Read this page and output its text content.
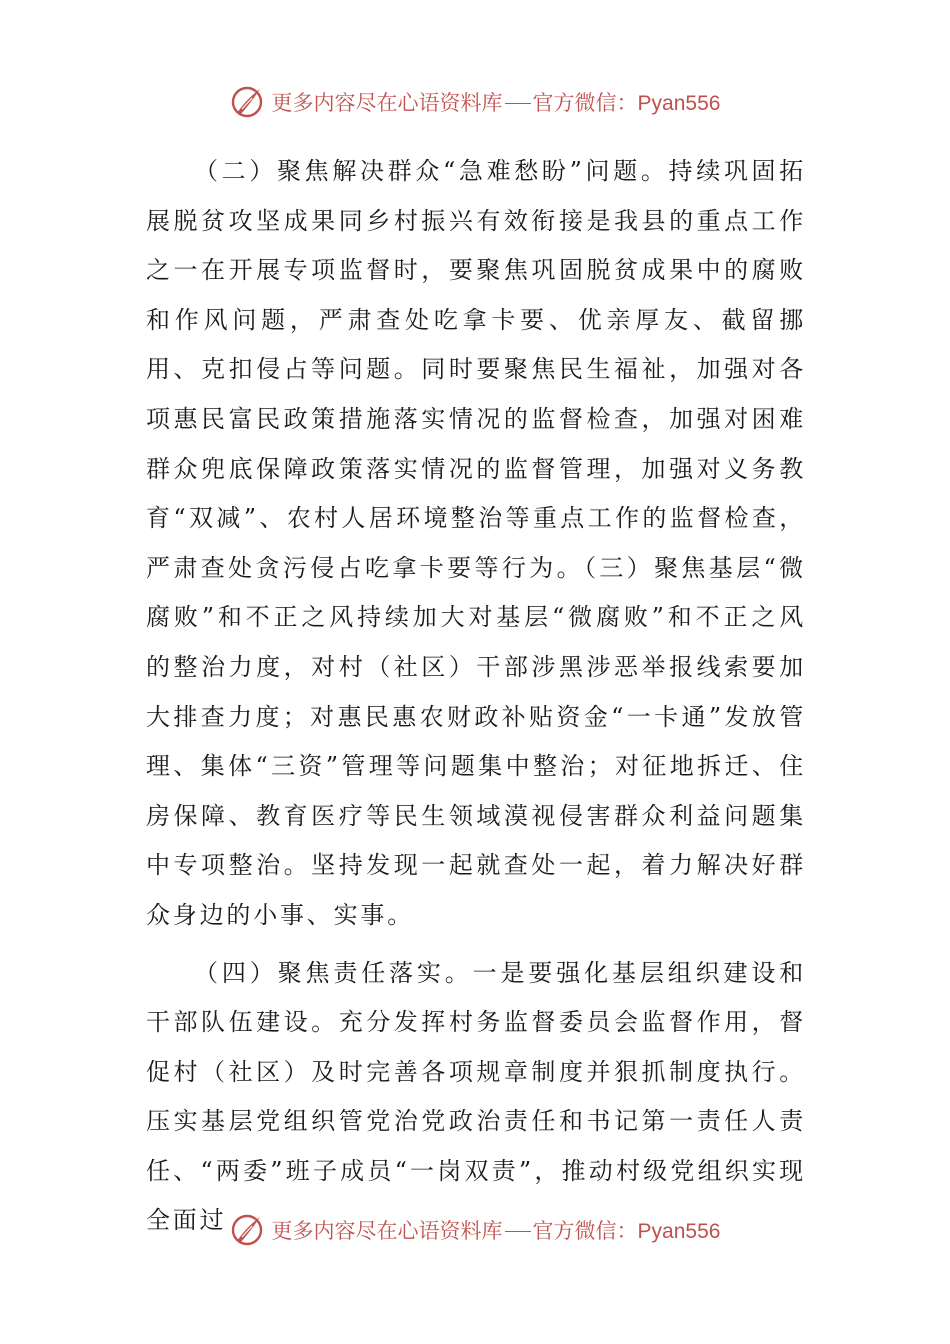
更多内容尽在心语资料库 官方微信： Pyan556

（二）聚焦解决群众“急难愁盼”问题。持续巩固拓展脱贫攻坚成果同乡村振兴有效衔接是我县的重点工作之一在开展专项监督时，要聚焦巩固脱贫成果中的腐败和作风问题，严肃查处吃拿卡要、优亲厚友、截留挪用、克扣侵占等问题。同时要聚焦民生福祉，加强对各项惠民富民政策措施落实情况的监督检查，加强对困难群众兜底保障政策落实情况的监督管理，加强对义务教育“双减”、农村人居环境整治等重点工作的监督检查，严肃查处贪污侵占吃拿卡要等行为。（三）聚焦基层“微腐败”和不正之风持续加大对基层“微腐败”和不正之风的整治力度，对村（社区）干部涉黑涉恶举报线索要加大排查力度；对惠民惠农财政补贴资金“一卡通”发放管理、集体“三资”管理等问题集中整治；对征地拆迁、住房保障、教育医疗等民生领域漠视侵害群众利益问题集中专项整治。坚持发现一起就查处一起，着力解决好群众身边的小事、实事。

（四）聚焦责任落实。一是要强化基层组织建设和干部队伍建设。充分发挥村务监督委员会监督作用，督促村（社区）及时完善各项规章制度并狠抓制度执行。压实基层党组织管党治党政治责任和书记第一责任人责任、“两委”班子成员“一岗双责”，推动村级党组织实现全面过	更多内容尽在心语资料库 官方微信： Pyan556
